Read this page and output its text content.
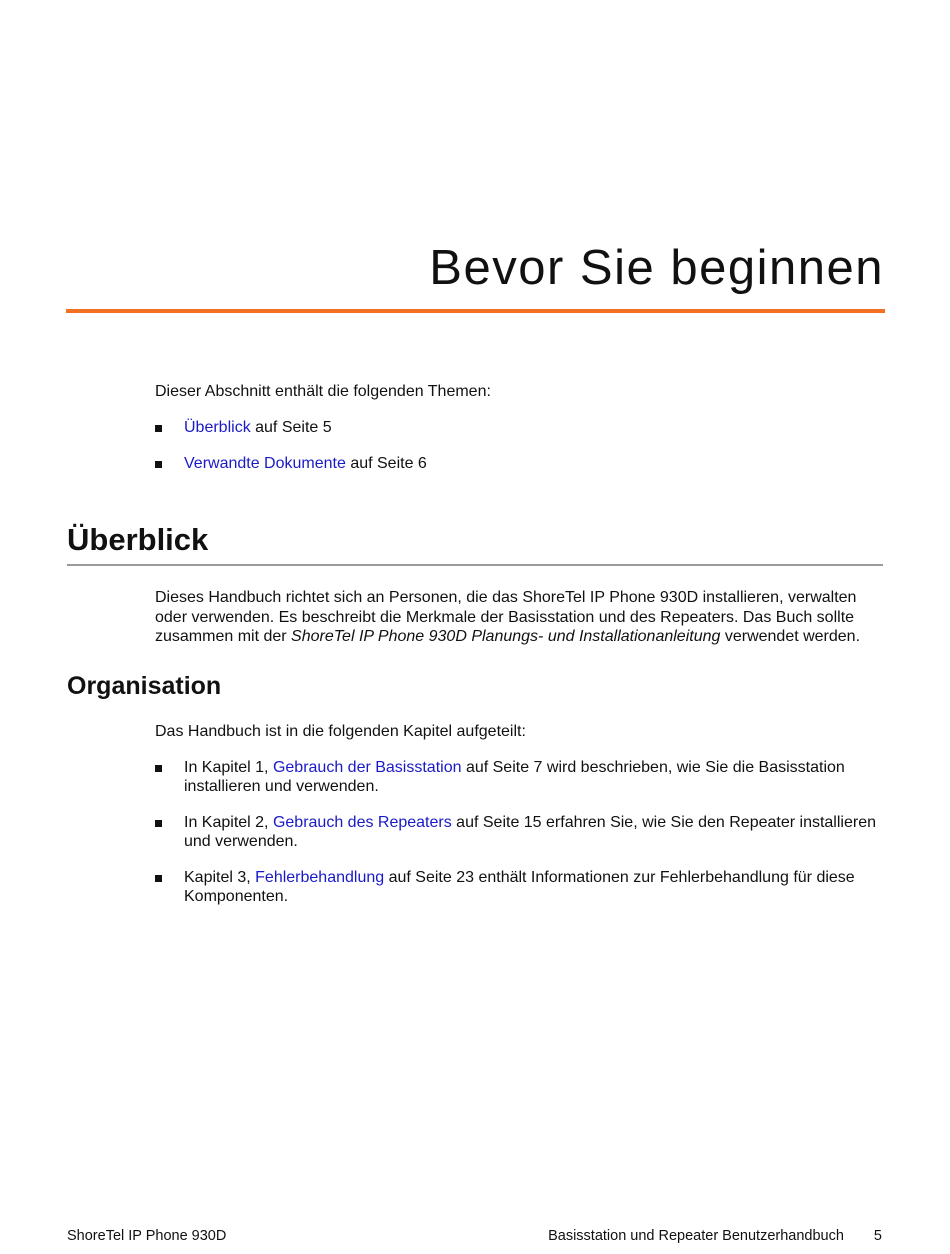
Bevor Sie beginnen

Dieser Abschnitt enthält die folgenden Themen:

Überblick auf Seite 5
Verwandte Dokumente auf Seite 6
Überblick

Dieses Handbuch richtet sich an Personen, die das ShoreTel IP Phone 930D installieren, verwalten oder verwenden. Es beschreibt die Merkmale der Basisstation und des Repeaters. Das Buch sollte zusammen mit der ShoreTel IP Phone 930D Planungs- und Installationanleitung verwendet werden.

Organisation

Das Handbuch ist in die folgenden Kapitel aufgeteilt:

In Kapitel 1, Gebrauch der Basisstation auf Seite 7 wird beschrieben, wie Sie die Basisstation installieren und verwenden.
In Kapitel 2, Gebrauch des Repeaters auf Seite 15 erfahren Sie, wie Sie den Repeater installieren und verwenden.
Kapitel 3, Fehlerbehandlung auf Seite 23 enthält Informationen zur Fehlerbehandlung für diese Komponenten.
ShoreTel IP Phone 930D	Basisstation und Repeater Benutzerhandbuch 5
